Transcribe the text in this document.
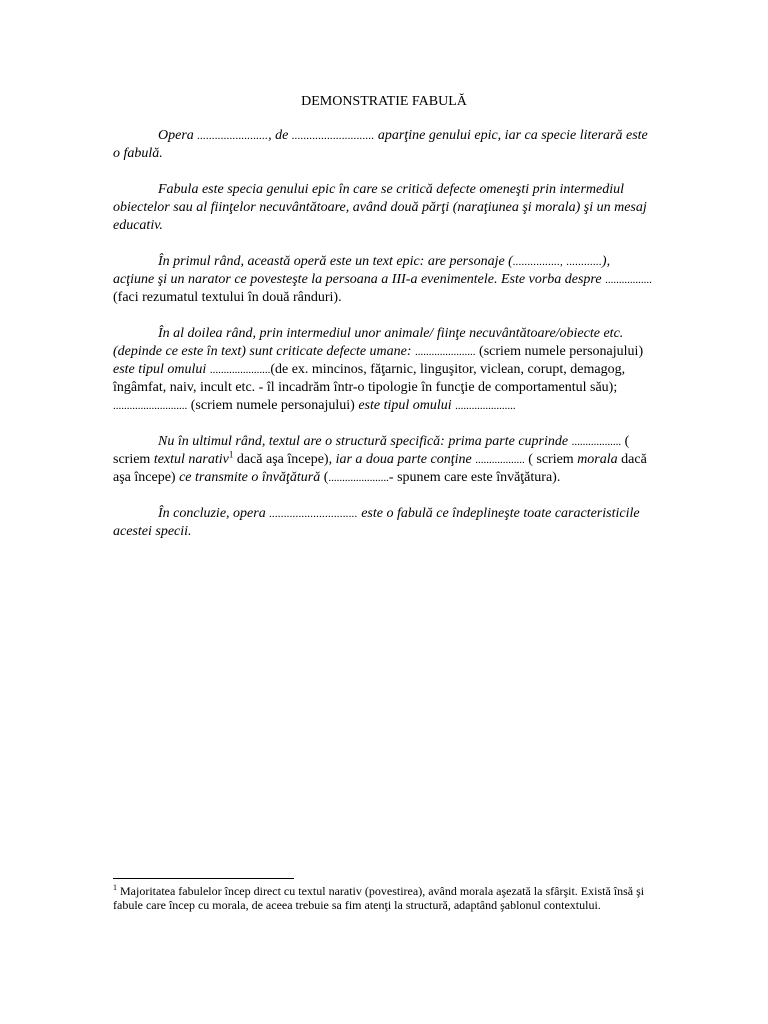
DEMONSTRATIE FABULĂ

Opera ........................, de ............................ aparţine genului epic, iar ca specie literară este o fabulă.

Fabula este specia genului epic în care se critică defecte omeneşti prin intermediul obiectelor sau al fiinţelor necuvântătoare, având două părţi (naraţiunea şi morala) şi un mesaj educativ.

În primul rând, această operă este un text epic: are personaje (................, ............), acţiune şi un narator ce povesteşte la persoana a III-a evenimentele. Este vorba despre ................. (faci rezumatul textului în două rânduri).

În al doilea rând, prin intermediul unor animale/ fiinţe necuvântătoare/obiecte etc. (depinde ce este în text) sunt criticate defecte umane: ...................... (scriem numele personajului) este tipul omului ......................(de ex. mincinos, făţarnic, linguşitor, viclean, corupt, demagog, îngâmfat, naiv, incult etc. - îl incadrăm într-o tipologie în funcţie de comportamentul său); ........................... (scriem numele personajului) este tipul omului ......................

Nu în ultimul rând, textul are o structură specifică: prima parte cuprinde .................. ( scriem textul narativ$^1$ dacă aşa începe), iar a doua parte conţine .................. ( scriem morala dacă aşa începe) ce transmite o învăţătură (......................- spunem care este învăţătura).

În concluzie, opera .............................. este o fabulă ce îndeplineşte toate caracteristicile acestei specii.

$^1$ Majoritatea fabulelor încep direct cu textul narativ (povestirea), având morala aşezată la sfârşit. Există însă şi fabule care încep cu morala, de aceea trebuie sa fim atenţi la structură, adaptând şablonul contextului.
